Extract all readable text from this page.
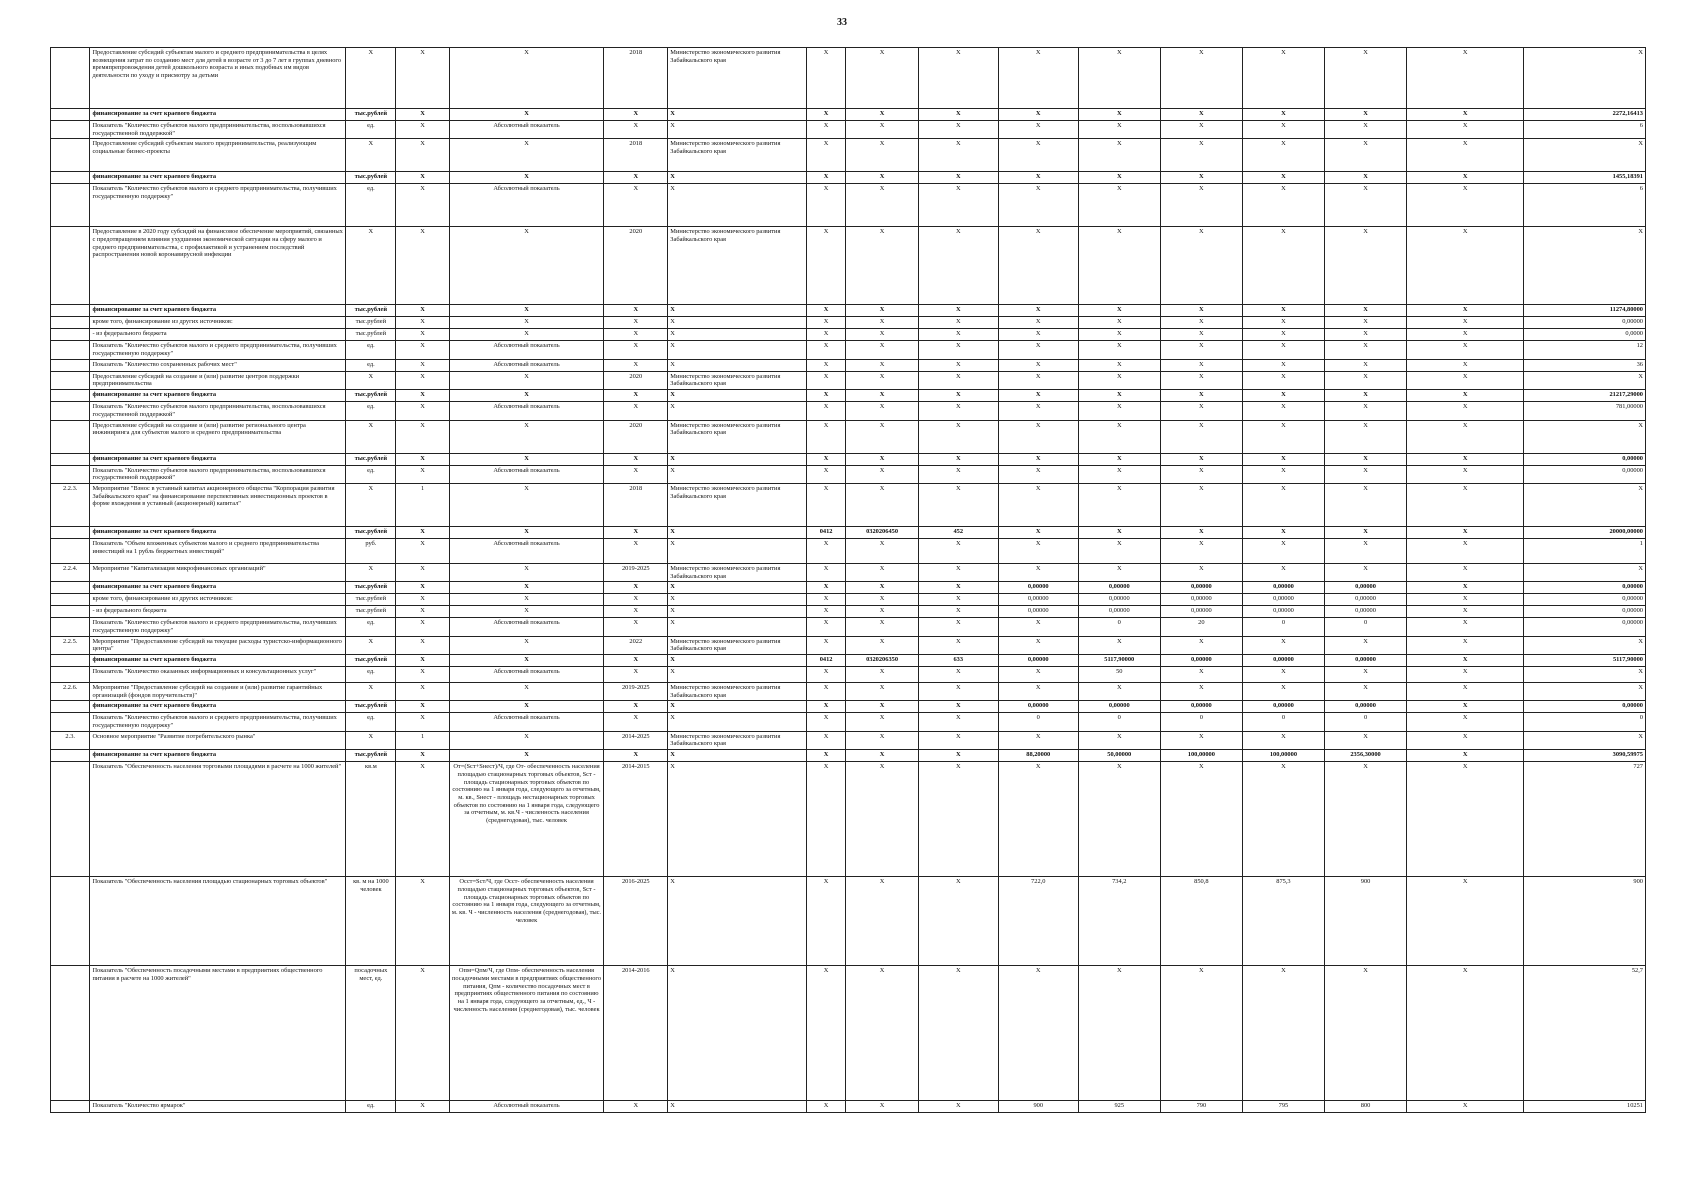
33
	Предоставление субсидий субъектам малого и среднего предпринимательства в целях возмещения затрат по созданию мест для детей в возрасте от 3 до 7 лет в группах дневного времяпрепровождения детей дошкольного возраста и иных подобных им видов деятельности по уходу и присмотру за детьми	Х	Х	Х	2018	Министерство экономического развития Забайкальского края	Х	Х	Х	Х	Х	Х	Х	Х	Х	Х
	финансирование за счет краевого бюджета	тыс.рублей	Х	Х	Х	Х	Х	Х	Х	Х	Х	Х	Х	Х	Х	2272,16413
	Показатель "Количество субъектов малого предпринимательства, воспользовавшихся государственной поддержкой"	ед.	Х	Абсолютный показатель	Х	Х	Х	Х	Х	Х	Х	Х	Х	Х	Х	6
	Предоставление субсидий субъектам малого предпринимательства, реализующим социальные бизнес-проекты	Х	Х	Х	2018	Министерство экономического развития Забайкальского края	Х	Х	Х	Х	Х	Х	Х	Х	Х	Х
	финансирование за счет краевого бюджета	тыс.рублей	Х	Х	Х	Х	Х	Х	Х	Х	Х	Х	Х	Х	Х	1455,18391
	Показатель "Количество субъектов малого и среднего предпринимательства, получивших государственную поддержку"	ед.	Х	Абсолютный показатель	Х	Х	Х	Х	Х	Х	Х	Х	Х	Х	Х	6
	Предоставление в 2020 году субсидий на финансовое обеспечение мероприятий, связанных с предотвращением влияния ухудшения экономической ситуации на сферу малого и среднего предпринимательства, с профилактикой и устранением последствий распространения новой коронавирусной инфекции	Х	Х	Х	2020	Министерство экономического развития Забайкальского края	Х	Х	Х	Х	Х	Х	Х	Х	Х	Х
	финансирование за счет краевого бюджета	тыс.рублей	Х	Х	Х	Х	Х	Х	Х	Х	Х	Х	Х	Х	Х	11274,80000
	кроме того, финансирование из других источников:	тыс.рублей	Х	Х	Х	Х	Х	Х	Х	Х	Х	Х	Х	Х	Х	0,00000
	- из федерального бюджета	тыс.рублей	Х	Х	Х	Х	Х	Х	Х	Х	Х	Х	Х	Х	Х	0,0000
	Показатель "Количество субъектов малого и среднего предпринимательства, получивших государственную поддержку"	ед.	Х	Абсолютный показатель	Х	Х	Х	Х	Х	Х	Х	Х	Х	Х	Х	12
	Показатель "Количество сохраненных рабочих мест"	ед.	Х	Абсолютный показатель	Х	Х	Х	Х	Х	Х	Х	Х	Х	Х	Х	36
	Предоставление субсидий на создание и (или) развитие центров поддержки предпринимательства	Х	Х	Х	2020	Министерство экономического развития Забайкальского края	Х	Х	Х	Х	Х	Х	Х	Х	Х	Х
	финансирование за счет краевого бюджета	тыс.рублей	Х	Х	Х	Х	Х	Х	Х	Х	Х	Х	Х	Х	Х	21217,29000
	Показатель "Количество субъектов малого предпринимательства, воспользовавшихся государственной поддержкой"	ед.	Х	Абсолютный показатель	Х	Х	Х	Х	Х	Х	Х	Х	Х	Х	Х	781,00000
	Предоставление субсидий на создание и (или) развитие регионального центра инжиниринга для субъектов малого и среднего предпринимательства	Х	Х	Х	2020	Министерство экономического развития Забайкальского края	Х	Х	Х	Х	Х	Х	Х	Х	Х	Х
	финансирование за счет краевого бюджета	тыс.рублей	Х	Х	Х	Х	Х	Х	Х	Х	Х	Х	Х	Х	Х	0,00000
	Показатель "Количество субъектов малого предпринимательства, воспользовавшихся государственной поддержкой"	ед.	Х	Абсолютный показатель	Х	Х	Х	Х	Х	Х	Х	Х	Х	Х	Х	0,00000
2.2.3.	Мероприятие "Взнос в уставный капитал акционерного общества "Корпорация развития Забайкальского края" на финансирование перспективных инвестиционных проектов в форме вхождения в уставный (акционерный) капитал"	Х	1	Х	2018	Министерство экономического развития Забайкальского края	Х	Х	Х	Х	Х	Х	Х	Х	Х	Х
	финансирование за счет краевого бюджета	тыс.рублей	Х	Х	Х	Х	0412	0320206450	452	Х	Х	Х	Х	Х	Х	20000,00000
	Показатель "Объем вложенных субъектом малого и среднего предпринимательства инвестиций на 1 рубль бюджетных инвестиций"	руб.	Х	Абсолютный показатель	Х	Х	Х	Х	Х	Х	Х	Х	Х	Х	Х	1
2.2.4.	Мероприятие "Капитализация микрофинансовых организаций"	Х	Х	Х	2019-2025	Министерство экономического развития Забайкальского края	Х	Х	Х	Х	Х	Х	Х	Х	Х	Х
	финансирование за счет краевого бюджета	тыс.рублей	Х	Х	Х	Х	Х	Х	Х	0,00000	0,00000	0,00000	0,00000	0,00000	Х	0,00000
	кроме того, финансирование из других источников:	тыс.рублей	Х	Х	Х	Х	Х	Х	Х	0,00000	0,00000	0,00000	0,00000	0,00000	Х	0,00000
	- из федерального бюджета	тыс.рублей	Х	Х	Х	Х	Х	Х	Х	0,00000	0,00000	0,00000	0,00000	0,00000	Х	0,00000
	Показатель "Количество субъектов малого и среднего предпринимательства, получивших государственную поддержку"	ед.	Х	Абсолютный показатель	Х	Х	Х	Х	Х	Х	0	20	0	0	Х	0,00000
2.2.5.	Мероприятие "Предоставление субсидий на текущие расходы туристско-информационного центра"	Х	Х	Х	2022	Министерство экономического развития Забайкальского края	Х	Х	Х	Х	Х	Х	Х	Х	Х	Х
	финансирование за счет краевого бюджета	тыс.рублей	Х	Х	Х	Х	0412	0320206350	633	0,00000	5117,90000	0,00000	0,00000	0,00000	Х	5117,90000
	Показатель "Количество оказанных информационных и консультационных услуг"	ед.	Х	Абсолютный показатель	Х	Х	Х	Х	Х	Х	50	Х	Х	Х	Х	Х
2.2.6.	Мероприятие "Предоставление субсидий на создание и (или) развитие гарантийных организаций (фондов поручительств)"	Х	Х	Х	2019-2025	Министерство экономического развития Забайкальского края	Х	Х	Х	Х	Х	Х	Х	Х	Х	Х
	финансирование за счет краевого бюджета	тыс.рублей	Х	Х	Х	Х	Х	Х	Х	0,00000	0,00000	0,00000	0,00000	0,00000	Х	0,00000
	Показатель "Количество субъектов малого и среднего предпринимательства, получивших государственную поддержку"	ед.	Х	Абсолютный показатель	Х	Х	Х	Х	Х	0	0	0	0	0	Х	0
2.3.	Основное мероприятие "Развитие потребительского рынка"	Х	1	Х	2014-2025	Министерство экономического развития Забайкальского края	Х	Х	Х	Х	Х	Х	Х	Х	Х	Х
	финансирование за счет краевого бюджета	тыс.рублей	Х	Х	Х	Х	Х	Х	Х	88,20000	50,00000	100,00000	100,00000	2356,30000	Х	3090,59975
	Показатель "Обеспеченность населения торговыми площадями в расчете на 1000 жителей"	кв.м	Х	От=(Sст+Sнест)/Ч, где От- обеспеченность населения площадью стационарных торговых объектов, Sст - площадь стационарных торговых объектов по состоянию на 1 января года, следующего за отчетным, м. кв., Sнест - площадь нестационарных торговых объектов по состоянию на 1 января года, следующего за отчетным, м. кв.Ч - численность населения (среднегодовая), тыс. человек	2014-2015	Х	Х	Х	Х	Х	Х	Х	Х	Х	Х	727
	Показатель "Обеспеченность населения площадью стационарных торговых объектов"	кв. м на 1000 человек	Х	Осст=Sст/Ч, где Осст- обеспеченность населения площадью стационарных торговых объектов, Sст - площадь стационарных торговых объектов по состоянию на 1 января года, следующего за отчетным, м. кв. Ч - численность населения (среднегодовая), тыс. человек	2016-2025	Х	Х	Х	Х	722,0	734,2	850,8	875,3	900	Х	900
	Показатель "Обеспеченность посадочными местами в предприятиях общественного питания в расчете на 1000 жителей"	посадочных мест, ед.	Х	Опм=Qпм/Ч, где Опм- обеспеченность населения посадочными местами в предприятиях общественного питания, Qпм - количество посадочных мест в предприятиях общественного питания по состоянию на 1 января года, следующего за отчетным, ед., Ч - численность населения (среднегодовая), тыс. человек	2014-2016	Х	Х	Х	Х	Х	Х	Х	Х	Х	Х	52,7
	Показатель "Количество ярмарок"	ед.	Х	Абсолютный показатель	Х	Х	Х	Х	Х	900	925	790	795	800	Х	10251
